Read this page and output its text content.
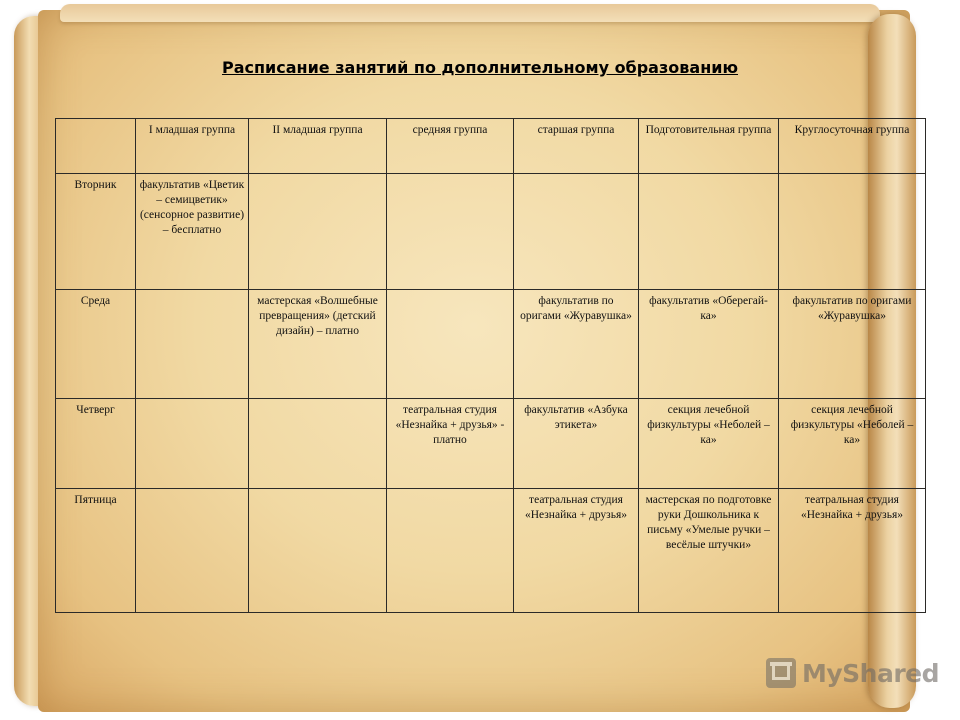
Расписание занятий по дополнительному образованию
	I младшая группа	II младшая группа	средняя группа	старшая группа	Подготовительная группа	Круглосуточная группа
Вторник	факультатив «Цветик – семицветик» (сенсорное развитие) – бесплатно					
Среда		мастерская «Волшебные превращения» (детский дизайн) – платно		факультатив по оригами «Журавушка»	факультатив «Оберегай-ка»	факультатив по оригами «Журавушка»
Четверг			театральная студия «Незнайка + друзья» - платно	факультатив «Азбука этикета»	секция лечебной физкультуры «Неболей – ка»	секция лечебной физкультуры «Неболей – ка»
Пятница				театральная студия «Незнайка + друзья»	мастерская по подготовке руки Дошкольника к письму «Умелые ручки – весёлые штучки»	театральная студия «Незнайка + друзья»
MyShared
